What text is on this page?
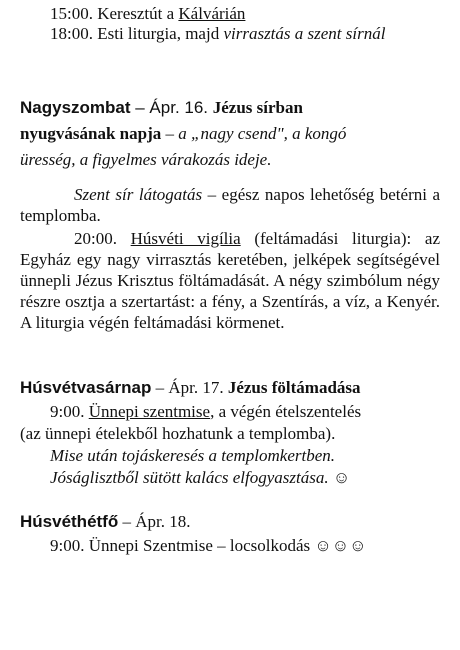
15:00. Keresztút a Kálvárián
18:00. Esti liturgia, majd virrasztás a szent sírnál
Nagyszombat – Ápr. 16. Jézus sírban
nyugvásának napja – a „nagy csend", a kongó
üresség, a figyelmes várakozás ideje.
Szent sír látogatás – egész napos lehetőség betérni a templomba.
20:00. Húsvéti vigília (feltámadási liturgia): az Egyház egy nagy virrasztás keretében, jelképek segítségével ünnepli Jézus Krisztus föltámadását. A négy szimbólum négy részre osztja a szertartást: a fény, a Szentírás, a víz, a Kenyér. A liturgia végén feltámadási körmenet.
Húsvétvasárnap – Ápr. 17. Jézus föltámadása
9:00. Ünnepi szentmise, a végén ételszentelés
(az ünnepi ételekből hozhatunk a templomba).
Mise után tojáskeresés a templomkertben.
Jóságlisztből sütött kalács elfogyasztása. ☺
Húsvéthétfő – Ápr. 18.
9:00. Ünnepi Szentmise – locsolkodás ☺☺☺
